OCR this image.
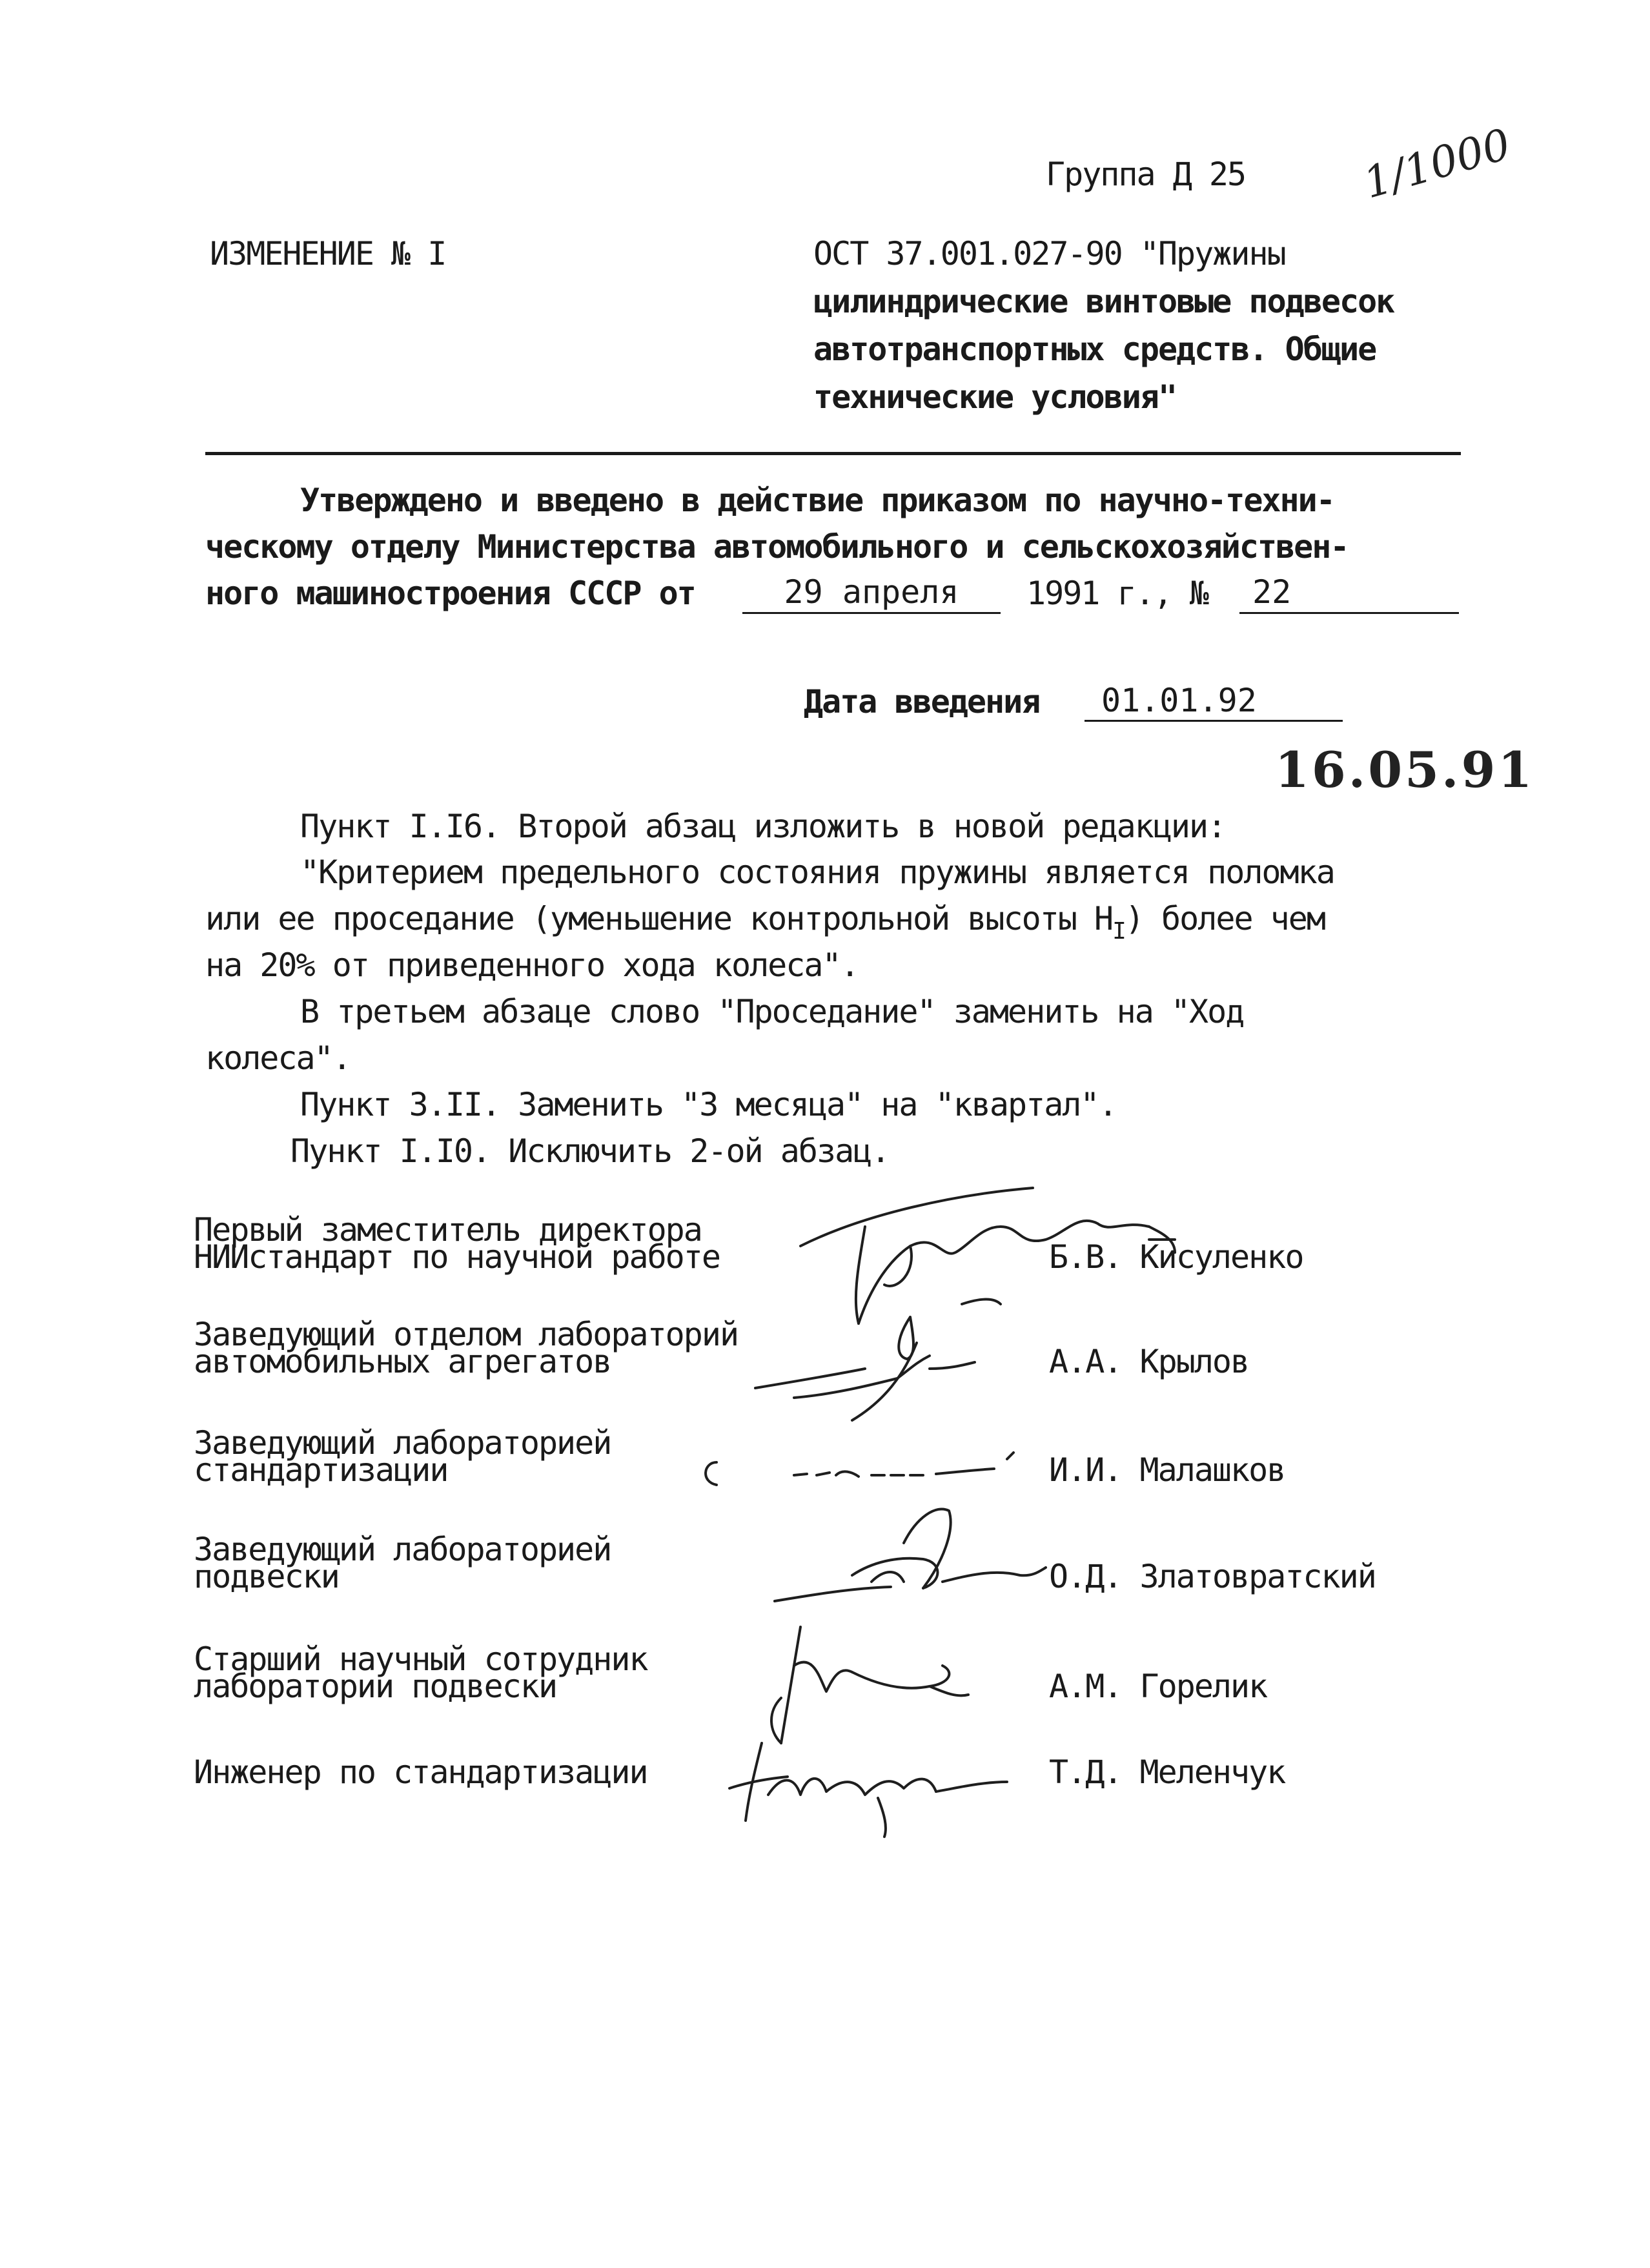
Группа Д 25	1/1000
ИЗМЕНЕНИЕ № I	ОСТ 37.001.027-90 "Пружины
цилиндрические винтовые подвесок
автотранспортных средств. Общие
технические условия"
Утверждено и введено в действие приказом по научно-техни-
ческому отделу Министерства автомобильного и сельскохозяйствен-
ного машиностроения СССР от	29 апреля	1991 г., №	22
Дата введения	01.01.92
16.05.91
Пункт I.I6. Второй абзац изложить в новой редакции:
"Критерием предельного состояния пружины является поломка
или ее проседание (уменьшение контрольной высоты $Н_I$) более чем
на 20% от приведенного хода колеса".
В третьем абзаце слово "Проседание" заменить на "Ход
колеса".
Пункт 3.II. Заменить "3 месяца" на "квартал".
Пункт I.I0. Исключить 2-ой абзац.
Первый заместитель директора
НИИстандарт по научной работе	Б.В. Кисуленко
Заведующий отделом лабораторий
автомобильных агрегатов	А.А. Крылов
Заведующий лабораторией
стандартизации	И.И. Малашков
Заведующий лабораторией
подвески	О.Д. Златовратский
Старший научный сотрудник
лаборатории подвески	А.М. Горелик
Инженер по стандартизации	Т.Д. Меленчук
